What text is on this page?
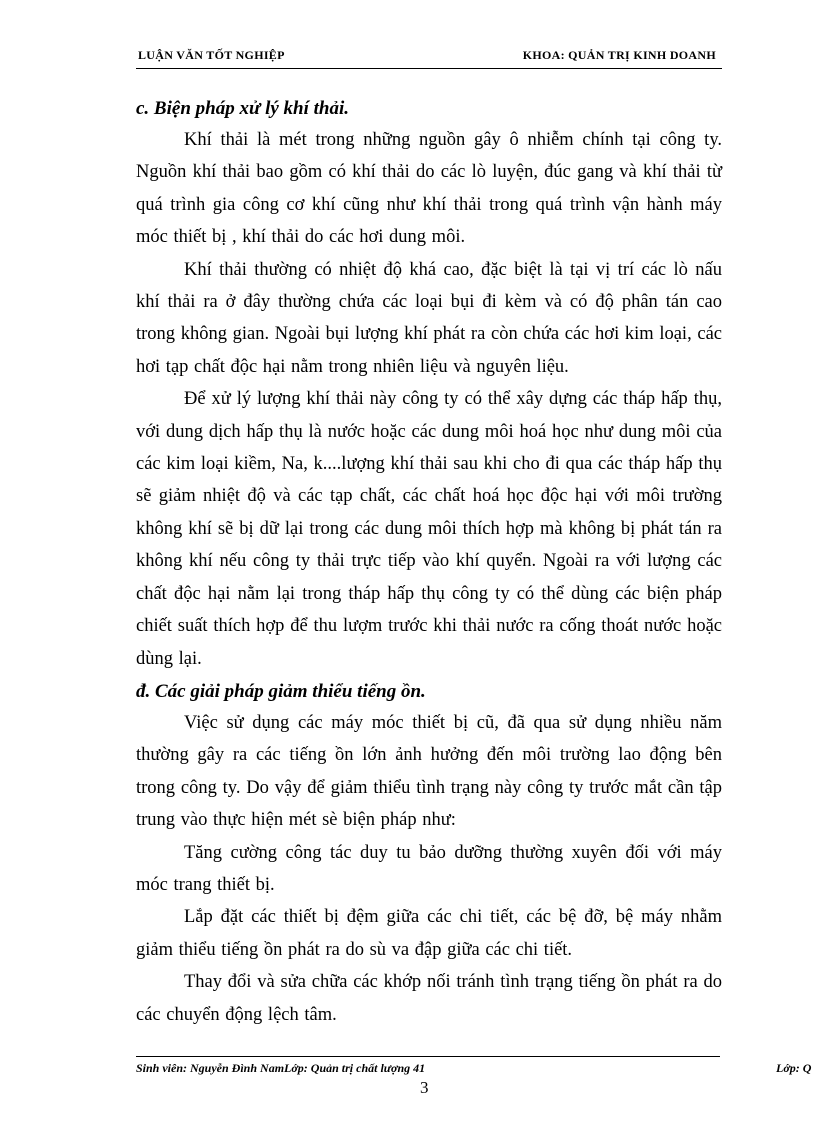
LUẬN VĂN TỐT NGHIỆP	KHOA: QUẢN TRỊ KINH DOANH

c. Biện pháp xử lý khí thải.

Khí thải là mét trong những nguồn gây ô nhiễm chính tại công ty. Nguồn khí thải bao gồm có khí thải do các lò luyện, đúc gang và khí thải từ quá trình gia công cơ khí cũng như khí thải trong quá trình vận hành máy móc thiết bị , khí thải do các hơi dung môi.

Khí thải thường có nhiệt độ khá cao, đặc biệt là tại vị trí các lò nấu khí thải ra ở đây thường chứa các loại bụi đi kèm và có độ phân tán cao trong không gian. Ngoài bụi lượng khí phát ra còn chứa các hơi kim loại, các hơi tạp chất độc hại nằm trong nhiên liệu và nguyên liệu.

Để xử lý lượng khí thải này công ty có thể xây dựng các tháp hấp thụ, với dung dịch hấp thụ là nước hoặc các dung môi hoá học như dung môi của các kim loại kiềm, Na, k....lượng khí thải sau khi cho đi qua các tháp hấp thụ sẽ giảm nhiệt độ và các tạp chất, các chất hoá học độc hại với môi trường không khí sẽ bị dữ lại trong các dung môi thích hợp mà không bị phát tán ra không khí nếu công ty thải trực tiếp vào khí quyển. Ngoài ra với lượng các chất độc hại nằm lại trong tháp hấp thụ công ty có thể dùng các biện pháp chiết suất thích hợp để thu lượm trước khi thải nước ra cống thoát nước hoặc dùng lại.

đ. Các giải pháp giảm thiểu tiếng ồn.

Việc sử dụng các máy móc thiết bị cũ, đã qua sử dụng nhiều năm thường gây ra các tiếng ồn lớn ảnh hưởng đến môi trường lao động bên trong công ty. Do vậy để giảm thiểu tình trạng này công ty trước mắt cần tập trung vào thực hiện mét sè biện pháp như:

Tăng cường công tác duy tu bảo dưỡng thường xuyên đối với máy móc trang thiết bị.

Lắp đặt các thiết bị đệm giữa các chi tiết, các bệ đỡ, bệ máy nhằm giảm thiểu tiếng ồn phát ra do sù va đập giữa các chi tiết.

Thay đổi và sửa chữa các khớp nối tránh tình trạng tiếng ồn phát ra do các chuyển động lệch tâm.

Sinh viên: Nguyễn Đình NamLớp: Quản trị chất lượng 41	Lớp: Q
3
